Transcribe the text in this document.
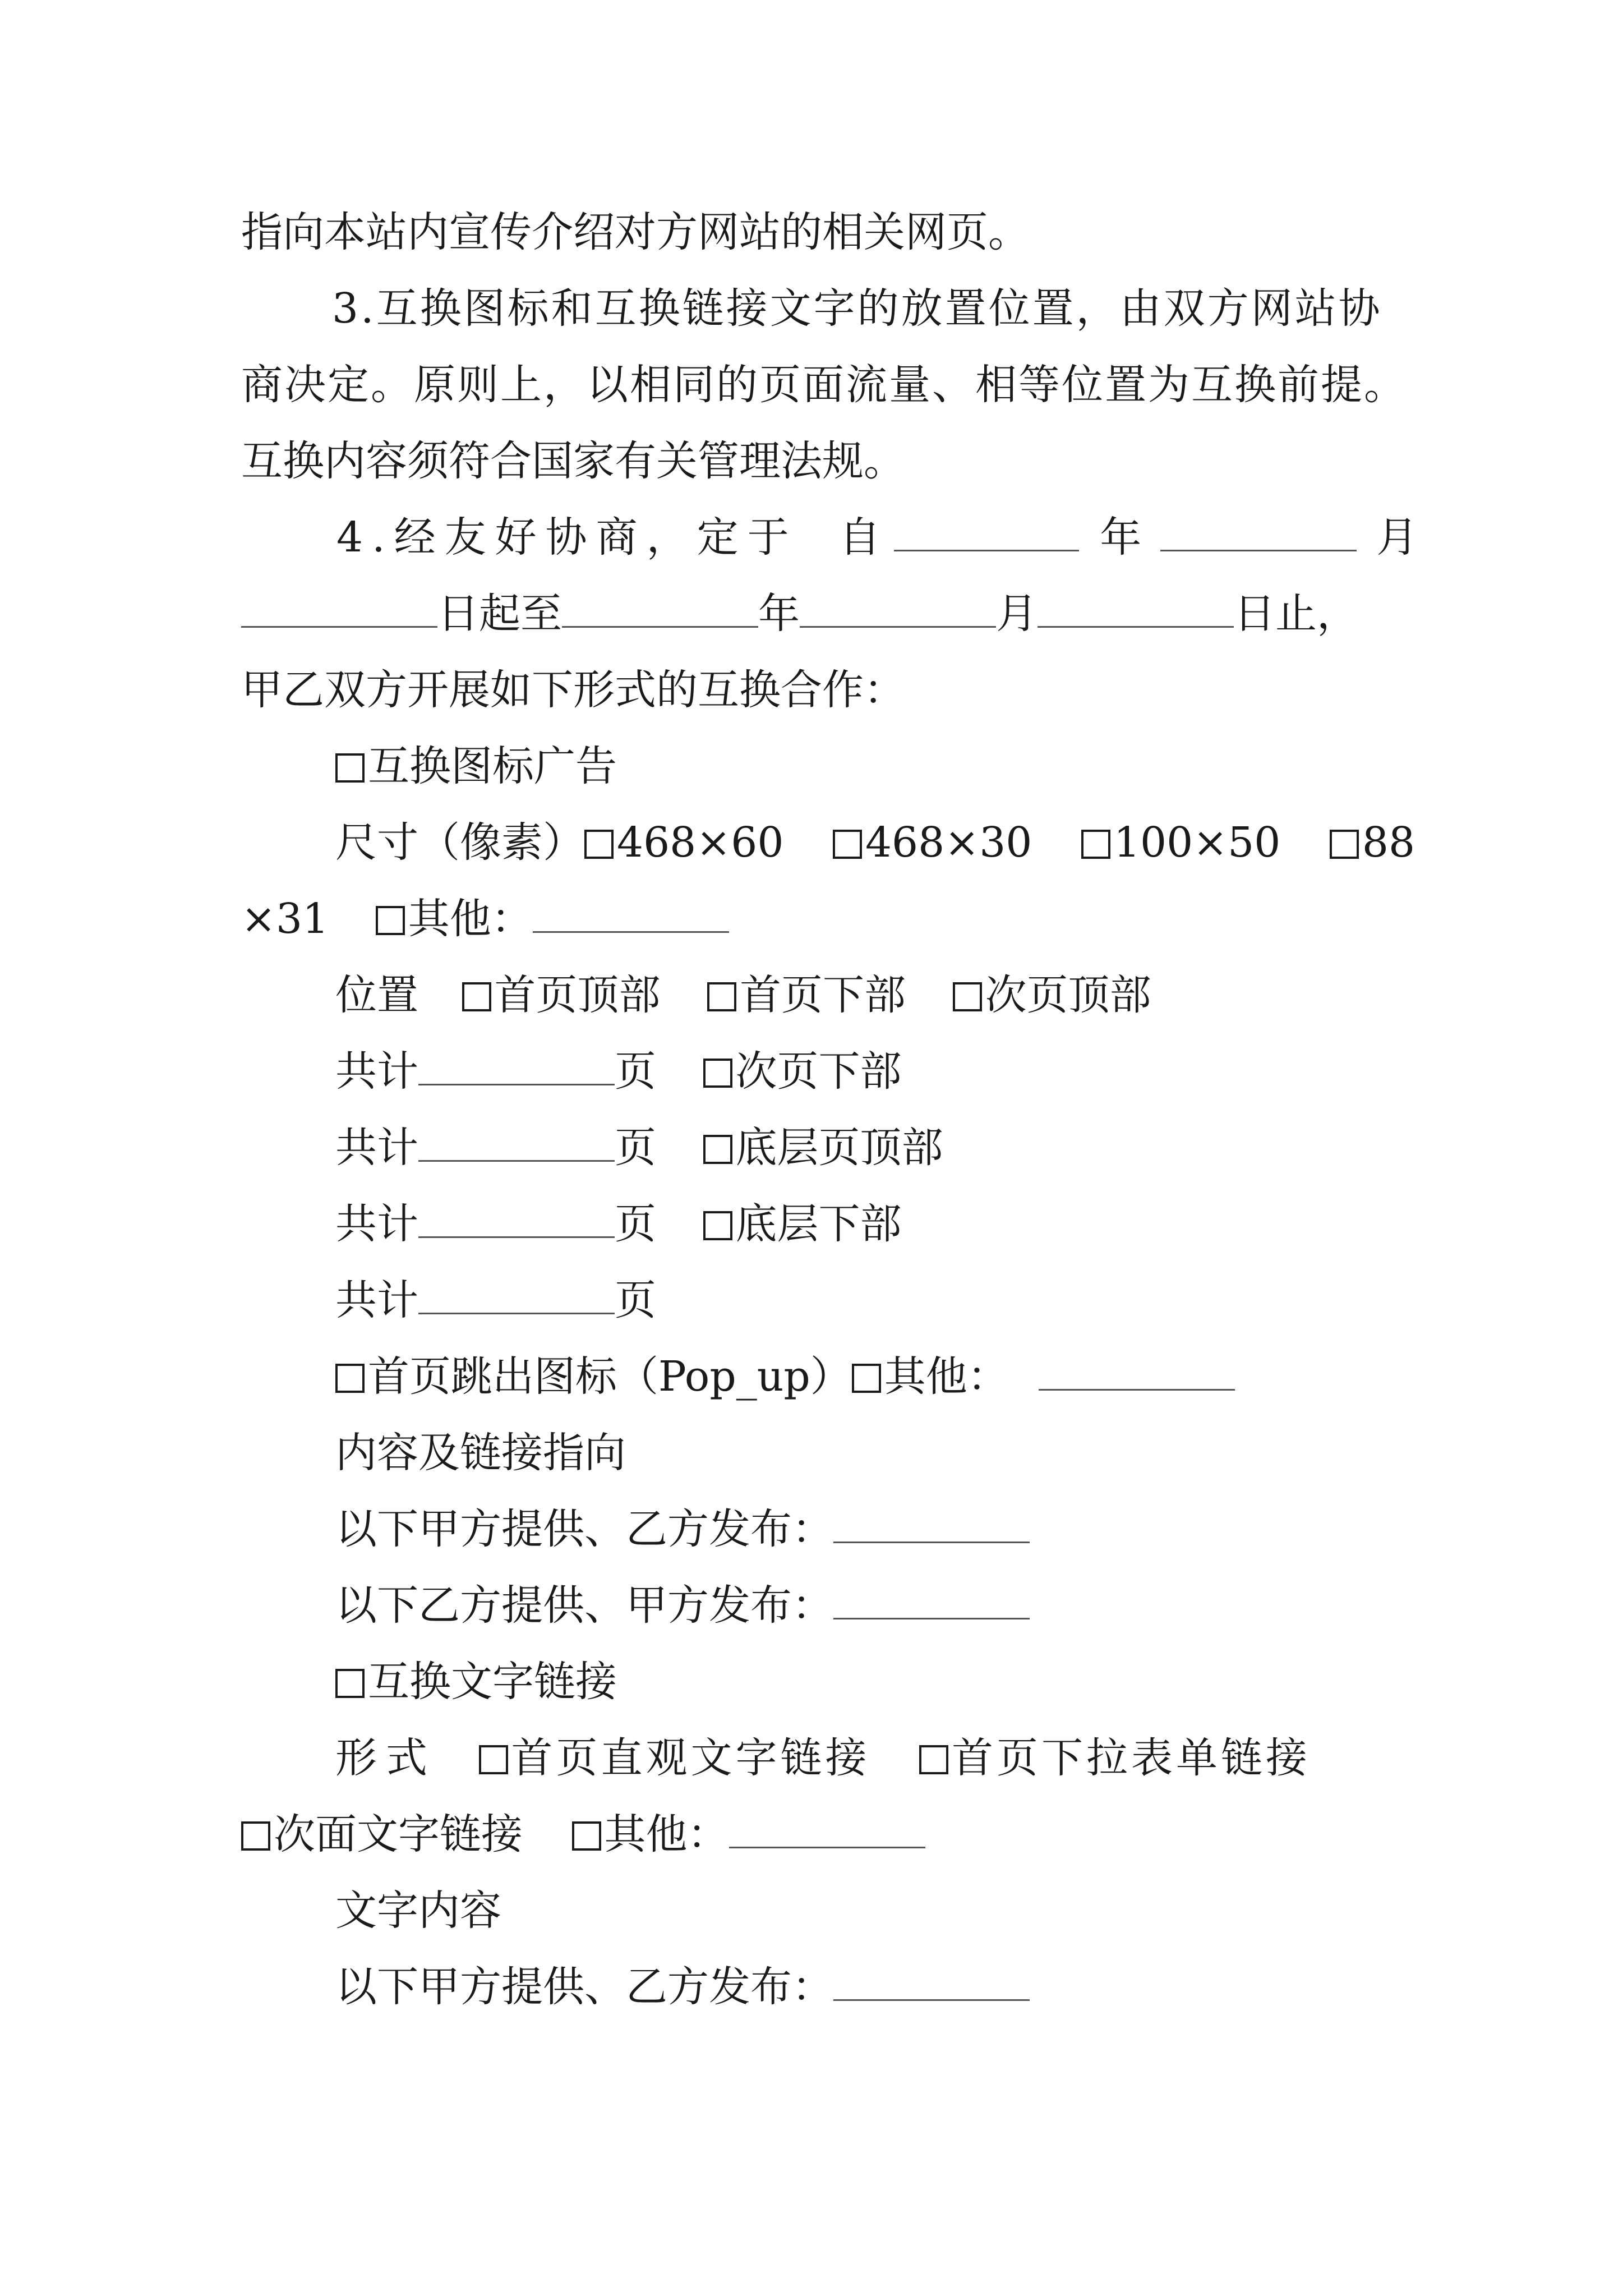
指向本站内宣传介绍对方网站的相关网页。
3.互换图标和互换链接文字的放置位置，由双方网站协
商决定。原则上，以相同的页面流量、相等位置为互换前提。
互换内容须符合国家有关管理法规。
4.经友好协商，定于 自	年	月
日起至	年	月	日止，
甲乙双方开展如下形式的互换合作：
互换图标广告
尺寸（像素） 468×60 468×30 100×50 88
×31 其他：
位置 首页顶部 首页下部 次页顶部
共计	页 次页下部
共计	页 底层页顶部
共计	页 底层下部
共计	页
首页跳出图标（Pop_up） 其他：
内容及链接指向
以下甲方提供、乙方发布：
以下乙方提供、甲方发布：
互换文字链接
形式 首页直观文字链接 首页下拉表单链接
次面文字链接 其他：
文字内容
以下甲方提供、乙方发布：
